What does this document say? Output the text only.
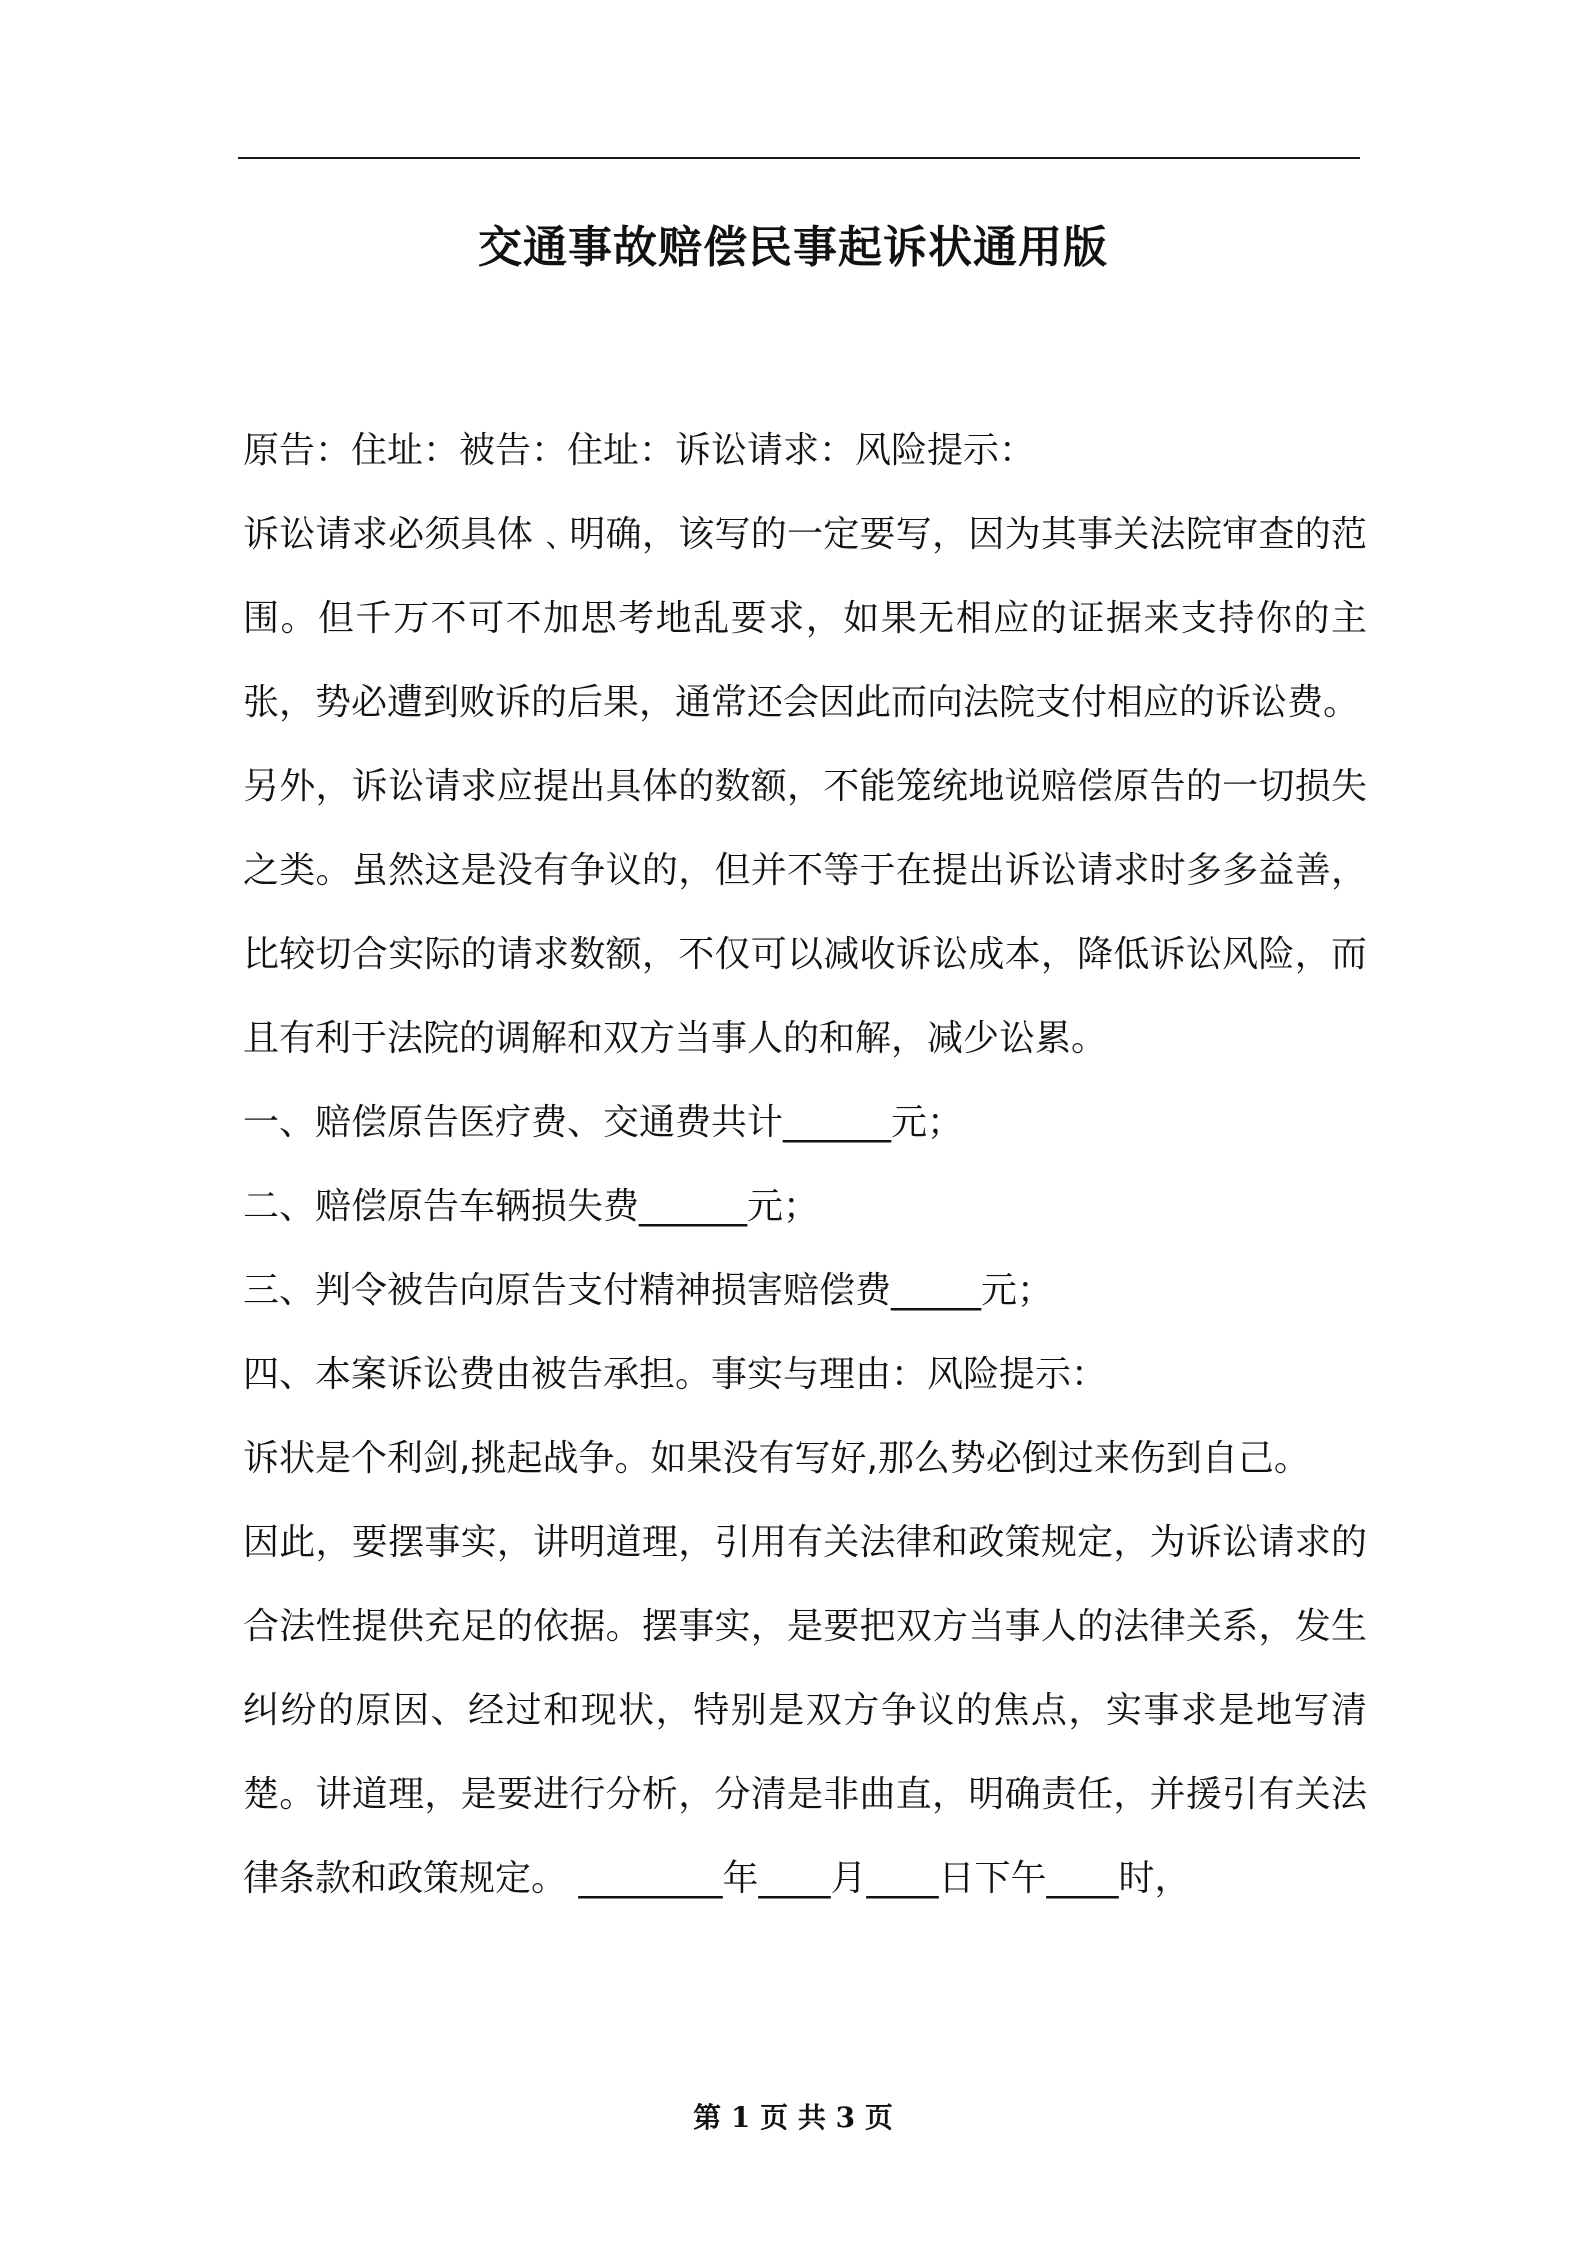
交通事故赔偿民事起诉状通用版

原告：住址：被告：住址：诉讼请求：风险提示：

诉讼请求必须具体﹑明确，该写的一定要写，因为其事关法院审查的范围。但千万不可不加思考地乱要求，如果无相应的证据来支持你的主张，势必遭到败诉的后果，通常还会因此而向法院支付相应的诉讼费。

另外，诉讼请求应提出具体的数额，不能笼统地说赔偿原告的一切损失之类。虽然这是没有争议的，但并不等于在提出诉讼请求时多多益善，比较切合实际的请求数额，不仅可以减收诉讼成本，降低诉讼风险，而且有利于法院的调解和双方当事人的和解，减少讼累。

一、赔偿原告医疗费、交通费共计______元；

二、赔偿原告车辆损失费______元；

三、判令被告向原告支付精神损害赔偿费_____元；

四、本案诉讼费由被告承担。事实与理由：风险提示：

诉状是个利剑,挑起战争。如果没有写好,那么势必倒过来伤到自己。

因此，要摆事实，讲明道理，引用有关法律和政策规定，为诉讼请求的合法性提供充足的依据。摆事实，是要把双方当事人的法律关系，发生纠纷的原因、经过和现状，特别是双方争议的焦点，实事求是地写清楚。讲道理，是要进行分析，分清是非曲直，明确责任，并援引有关法律条款和政策规定。 ________年____月____日下午____时，

第 1 页 共 3 页
